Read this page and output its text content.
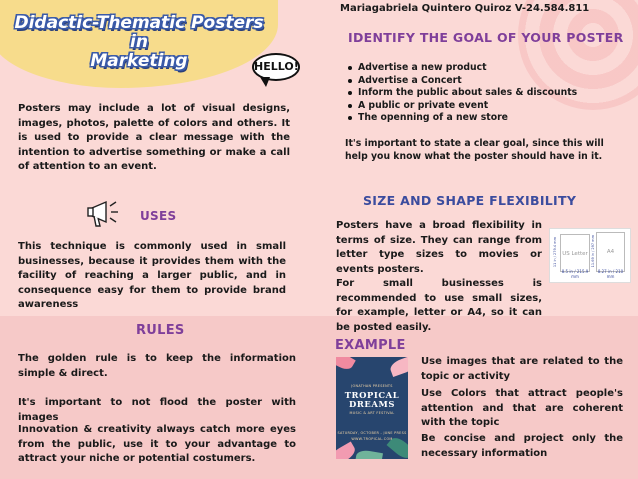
Didactic-Thematic Posters in
Marketing	HELLO!
Mariagabriela Quintero Quiroz V-24.584.811
Posters may include a lot of visual designs, images, photos, palette of colors and others. It is used to provide a clear message with the intention to advertise something or make a call of attention to an event.
USES
This technique is commonly used in small businesses, because it provides them with the facility of reaching a larger public, and in consequence easy for them to provide brand awareness
RULES
The golden rule is to keep the information simple & direct.
It's important to not flood the poster with images
Innovation & creativity always catch more eyes from the public, use it to your advantage to attract your niche or potential costumers.
IDENTIFY THE GOAL OF YOUR POSTER
Advertise a new product
Advertise a Concert
Inform the public about sales & discounts
A public or private event
The openning of a new store
It's important to state a clear goal, since this will help you know what the poster should have in it.
SIZE AND SHAPE FLEXIBILITY
Posters have a broad flexibility in terms of size. They can range from letter type sizes to movies or events posters.
For small businesses is recommended to use small sizes, for example, letter or A4, so it can be posted easily.
US Letter
8.5 in / 215.9 mm
A4
8.27 in / 210 mm
11 in / 279.4 mm	11.69 in / 297 mm
EXAMPLE
JONATHAN PRESENTS
TROPICAL
DREAMS
MUSIC & ART FESTIVAL
SATURDAY, OCTOBER - JUNE PRESS
WWW.TROPICAL.COM
Use images that are related to the topic or activity
Use Colors that attract people's attention and that are coherent with the topic
Be concise and project only the necessary information
